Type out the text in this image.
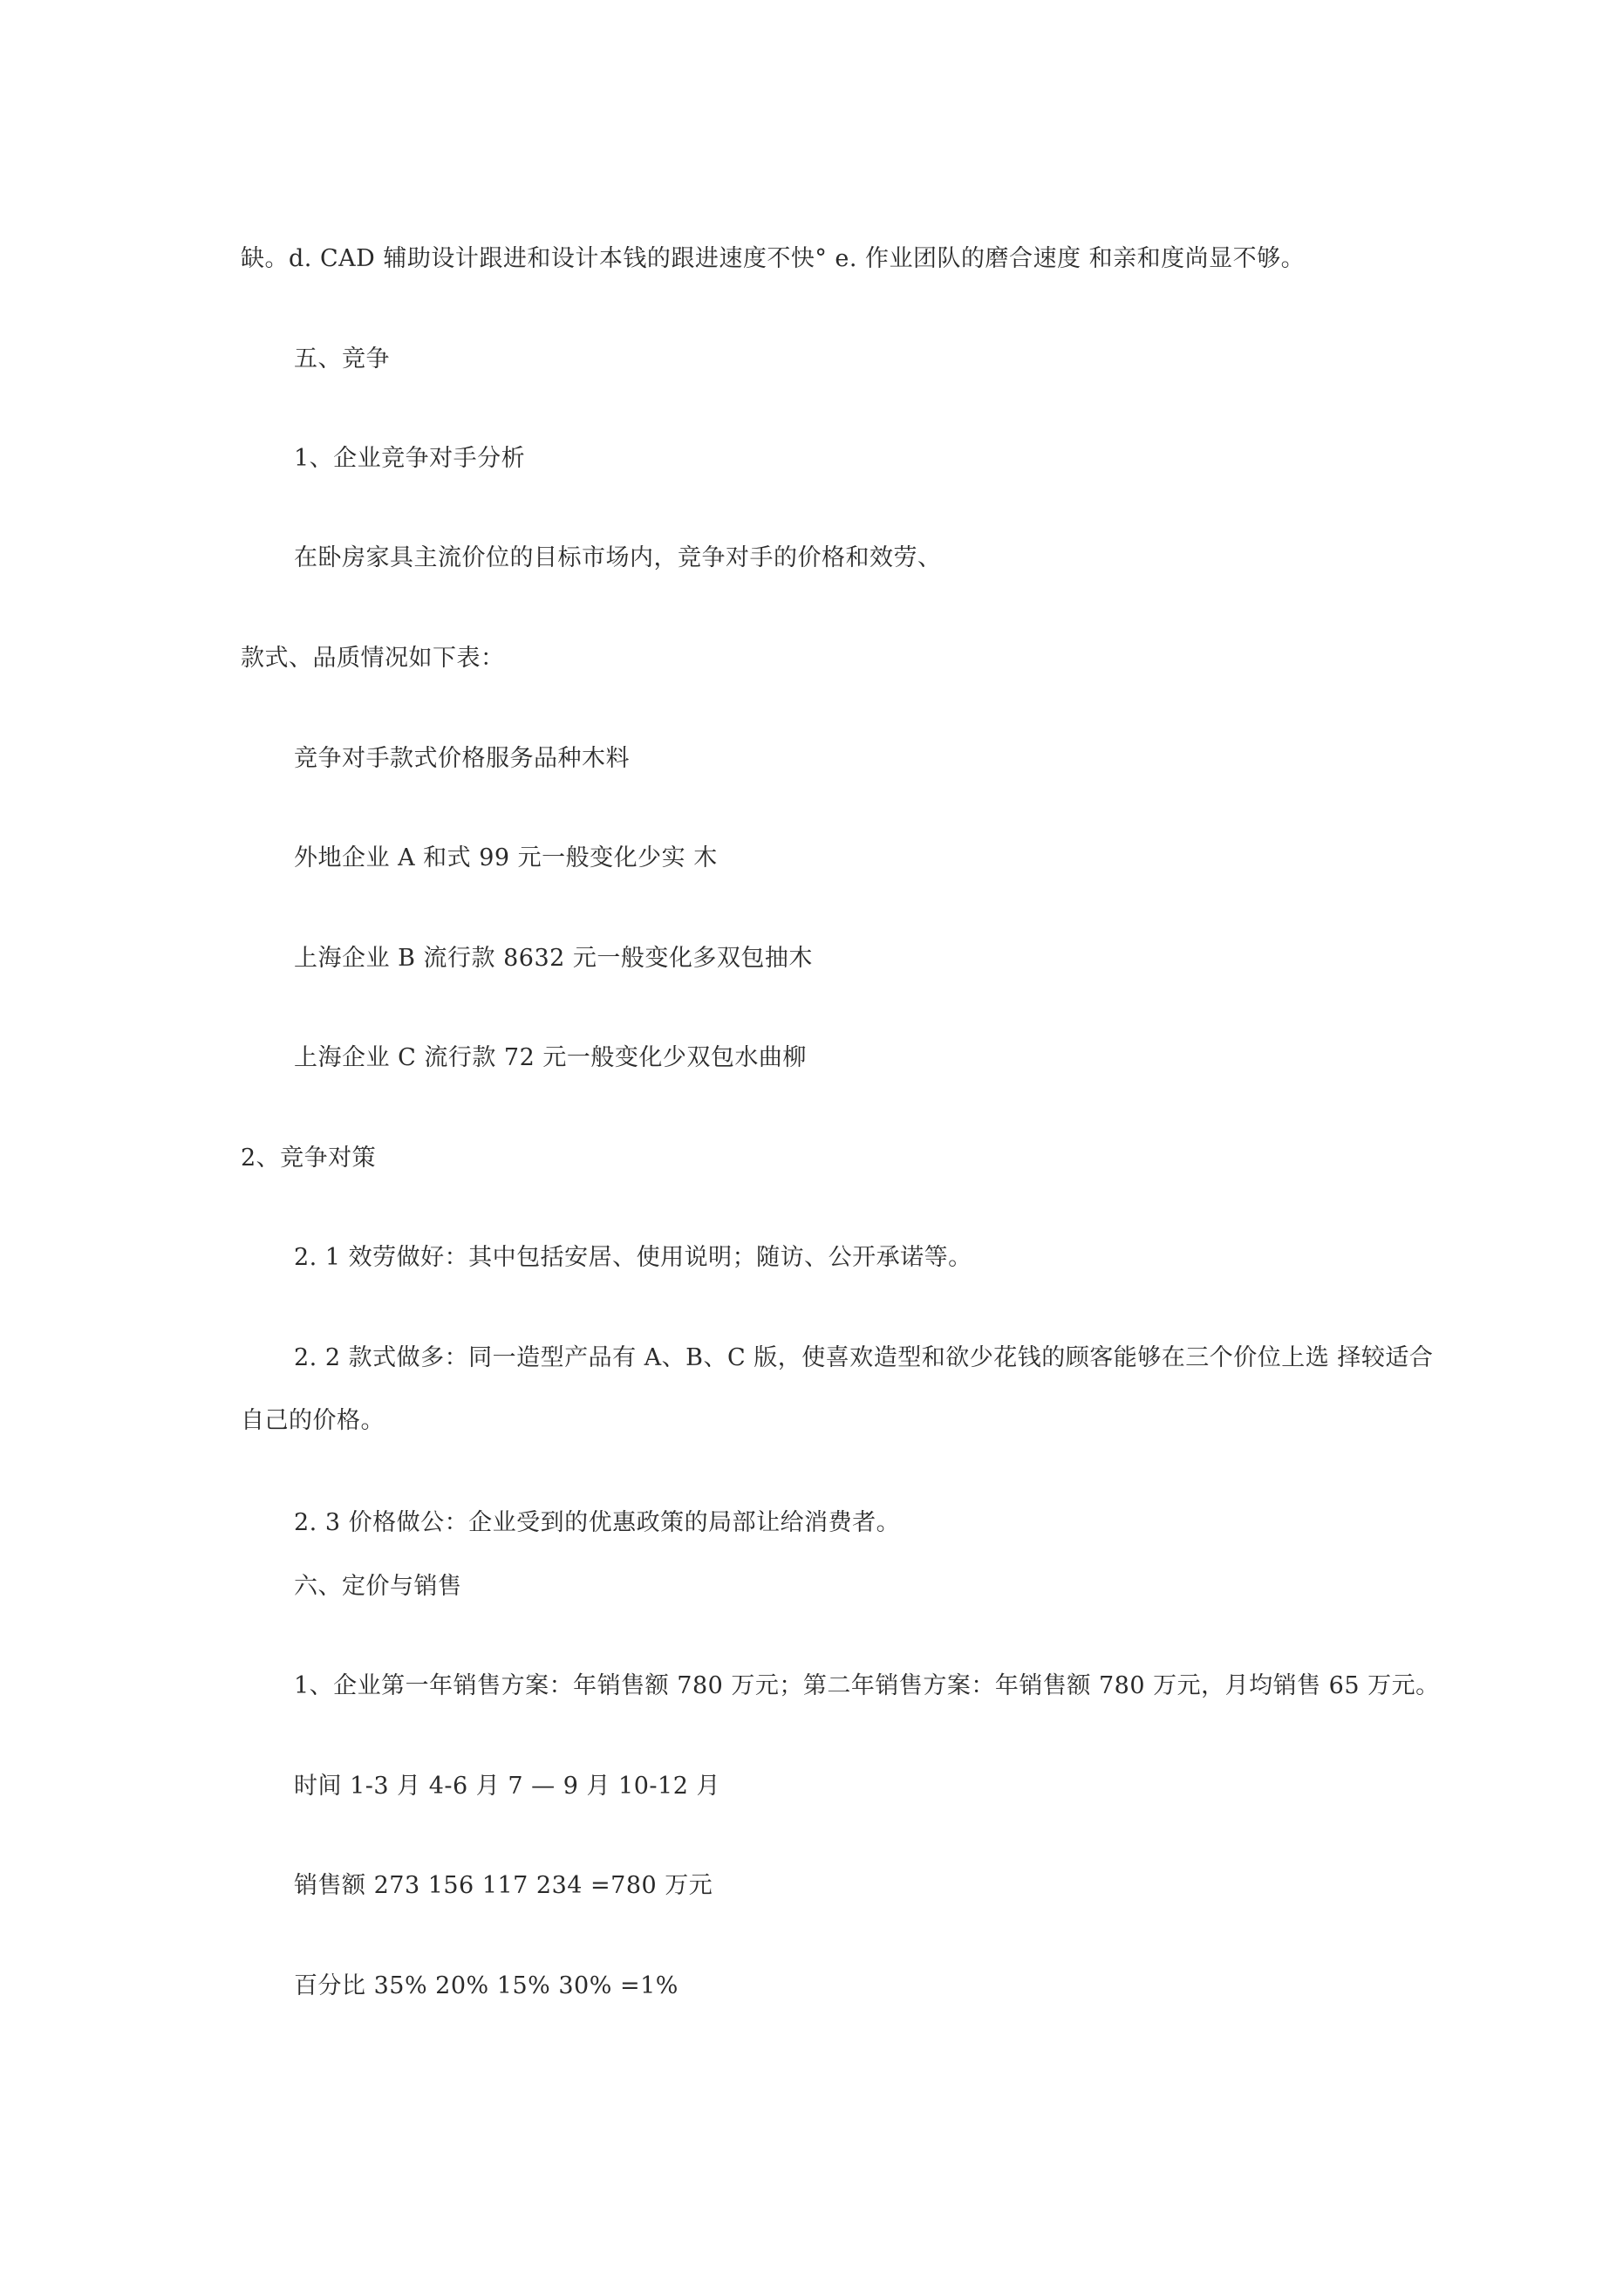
缺。d. CAD 辅助设计跟进和设计本钱的跟进速度不快° e. 作业团队的磨合速度 和亲和度尚显不够。
五、竞争
1、企业竞争对手分析
在卧房家具主流价位的目标市场内，竞争对手的价格和效劳、
款式、品质情况如下表：
竞争对手款式价格服务品种木料
外地企业 A 和式 99 元一般变化少实 木
上海企业 B 流行款 8632 元一般变化多双包抽木
上海企业 C 流行款 72 元一般变化少双包水曲柳
2、竞争对策
2. 1 效劳做好：其中包括安居、使用说明；随访、公开承诺等。
2. 2 款式做多：同一造型产品有 A、B、C 版，使喜欢造型和欲少花钱的顾客能够在三个价位上选 择较适合
自己的价格。
2. 3 价格做公：企业受到的优惠政策的局部让给消费者。
六、定价与销售
1、企业第一年销售方案：年销售额 780 万元；第二年销售方案：年销售额 780 万元，月均销售 65 万元。
时间 1-3 月 4-6 月 7 — 9 月 10-12 月
销售额 273 156 117 234 =780 万元
百分比 35% 20% 15% 30% =1%
